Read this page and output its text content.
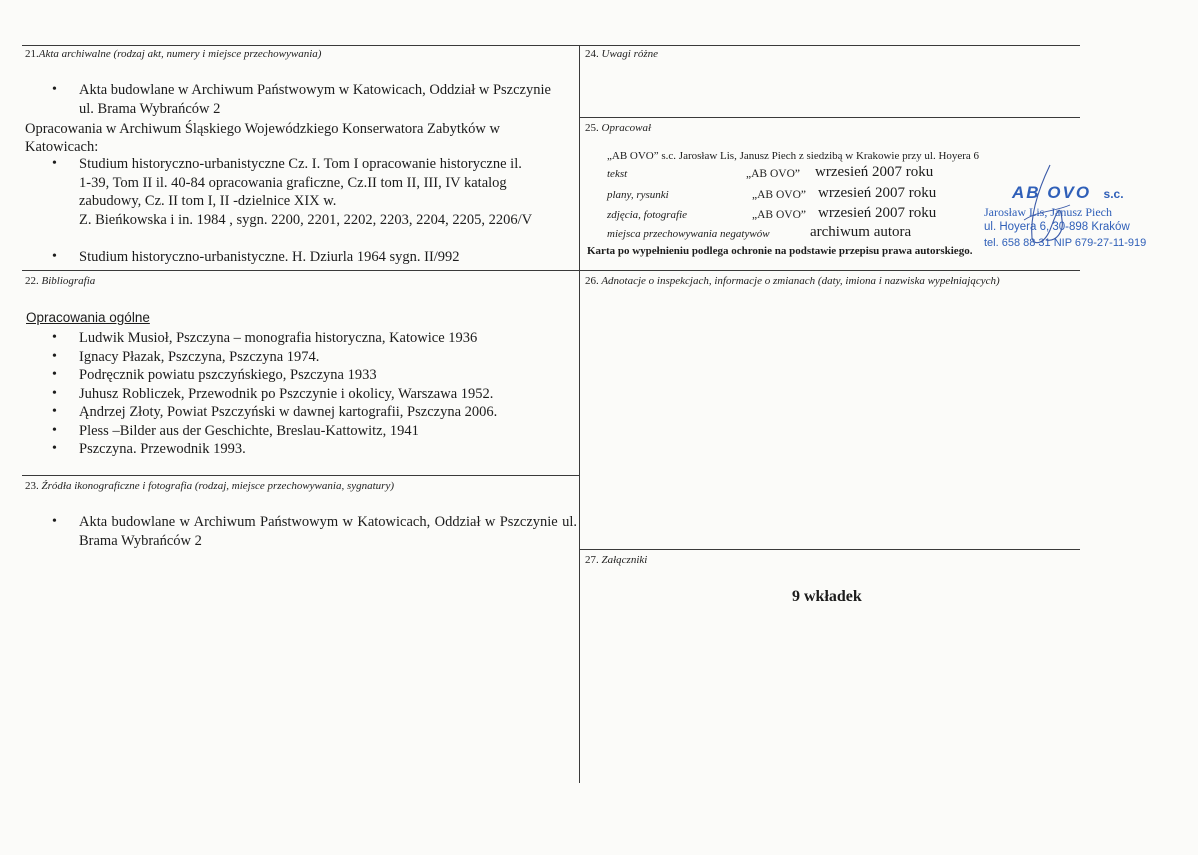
21.Akta archiwalne (rodzaj akt, numery i miejsce przechowywania)
• Akta budowlane w Archiwum Państwowym w Katowicach, Oddział w Pszczynie ul. Brama Wybrańców 2
Opracowania w Archiwum Śląskiego Wojewódzkiego Konserwatora Zabytków w Katowicach:
• Studium historyczno-urbanistyczne Cz. I. Tom I opracowanie historyczne il.
1-39, Tom II il. 40-84 opracowania graficzne, Cz.II tom II, III, IV katalog
zabudowy, Cz. II tom I, II -dzielnice XIX w.
Z. Bieńkowska i in. 1984 , sygn. 2200, 2201, 2202, 2203, 2204, 2205, 2206/V
• Studium historyczno-urbanistyczne. H. Dziurla 1964 sygn. II/992
22. Bibliografia
Opracowania ogólne
• Ludwik Musioł, Pszczyna – monografia historyczna, Katowice 1936
• Ignacy Płazak, Pszczyna, Pszczyna 1974.
• Podręcznik powiatu pszczyńskiego, Pszczyna 1933
• Juhusz Robliczek, Przewodnik po Pszczynie i okolicy, Warszawa 1952.
• Ąndrzej Złoty, Powiat Pszczyński w dawnej kartografii, Pszczyna 2006.
• Pless –Bilder aus der Geschichte, Breslau-Kattowitz, 1941
• Pszczyna. Przewodnik 1993.
23. Źródła ikonograficzne i fotografia (rodzaj, miejsce przechowywania, sygnatury)
• Akta budowlane w Archiwum Państwowym w Katowicach, Oddział w Pszczynie ul. Brama Wybrańców 2
24. Uwagi różne
25. Opracował
„AB OVO” s.c. Jarosław Lis, Janusz Piech z siedzibą w Krakowie przy ul. Hoyera 6
tekst	„AB OVO” wrzesień 2007 roku
plany, rysunki	„AB OVO” wrzesień 2007 roku
zdjęcia, fotografie	„AB OVO” wrzesień 2007 roku
miejsca przechowywania negatywów	archiwum autora
Karta po wypełnieniu podlega ochronie na podstawie przepisu prawa autorskiego.
AB OVO s.c.
Jarosław Lis, Janusz Piech
ul. Hoyera 6, 30-898 Kraków
tel. 658 88 31 NIP 679-27-11-919
26. Adnotacje o inspekcjach, informacje o zmianach (daty, imiona i nazwiska wypełniających)
27. Załączniki
9 wkładek
